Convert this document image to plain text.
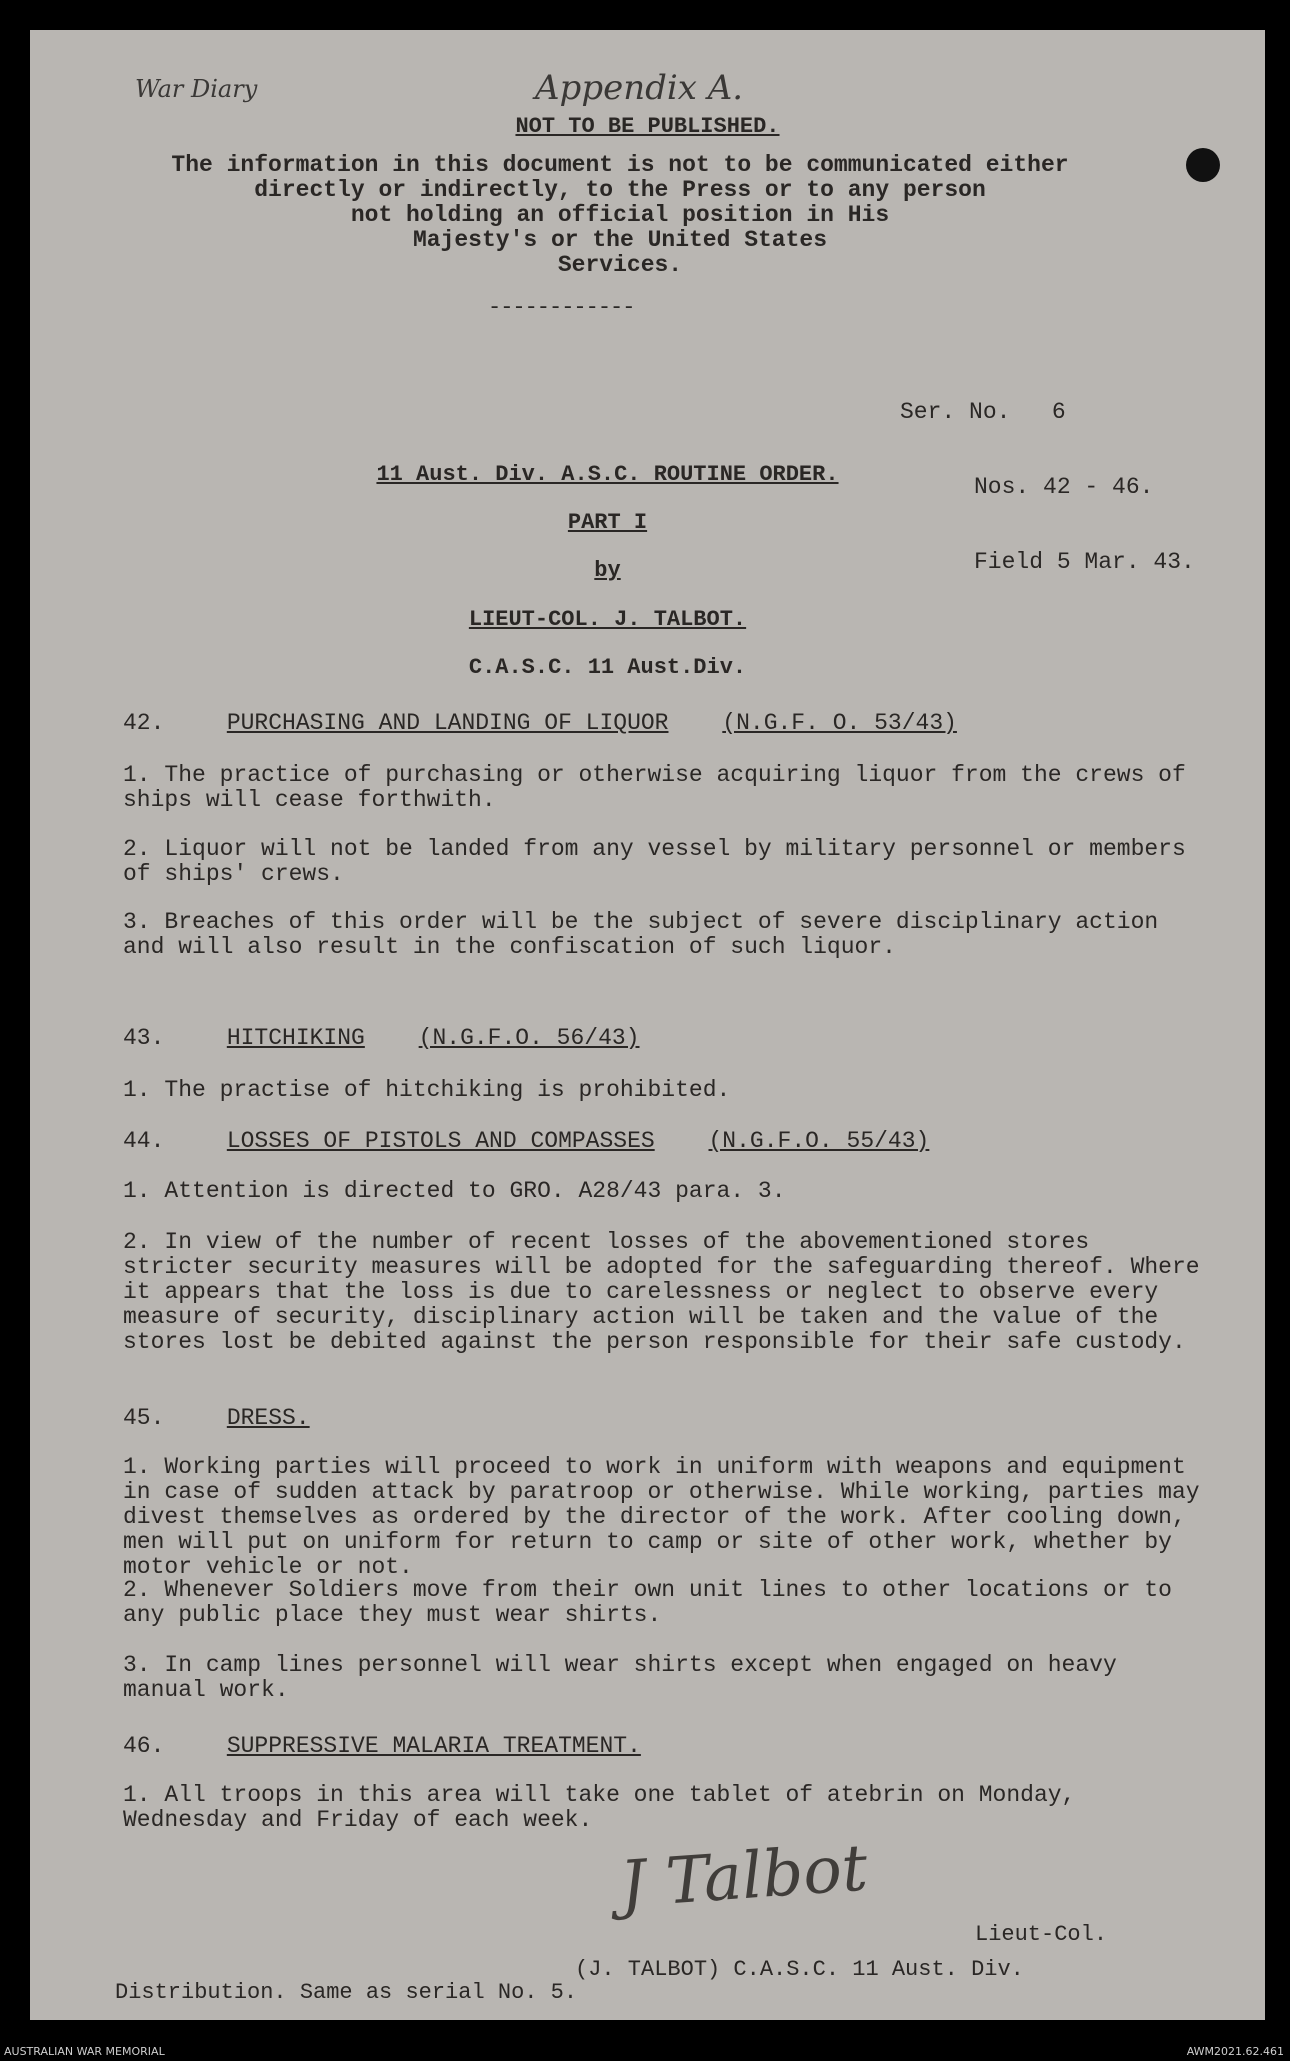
War Diary	Appendix A.
NOT TO BE PUBLISHED.
The information in this document is not to be communicated either
directly or indirectly, to the Press or to any person
not holding an official position in His
Majesty's or the United States
Services.
------------

Ser. No.   6

Nos. 42 - 46.

Field 5 Mar. 43.

11 Aust. Div. A.S.C. ROUTINE ORDER.
PART I
by
LIEUT-COL. J. TALBOT.
C.A.S.C. 11 Aust.Div.
42.	PURCHASING AND LANDING OF LIQUOR (N.G.F. O. 53/43)
1. The practice of purchasing or otherwise acquiring liquor from the crews of ships will cease forthwith.
2. Liquor will not be landed from any vessel by military personnel or members of ships' crews.
3. Breaches of this order will be the subject of severe disciplinary action and will also result in the confiscation of such liquor.
43.	HITCHIKING (N.G.F.O. 56/43)
1. The practise of hitchiking is prohibited.
44.	LOSSES OF PISTOLS AND COMPASSES (N.G.F.O. 55/43)
1. Attention is directed to GRO. A28/43 para. 3.
2. In view of the number of recent losses of the abovementioned stores stricter security measures will be adopted for the safeguarding thereof. Where it appears that the loss is due to carelessness or neglect to observe every measure of security, disciplinary action will be taken and the value of the stores lost be debited against the person responsible for their safe custody.
45.	DRESS.
1. Working parties will proceed to work in uniform with weapons and equipment in case of sudden attack by paratroop or otherwise. While working, parties may divest themselves as ordered by the director of the work. After cooling down, men will put on uniform for return to camp or site of other work, whether by motor vehicle or not.
2. Whenever Soldiers move from their own unit lines to other locations or to any public place they must wear shirts.
3. In camp lines personnel will wear shirts except when engaged on heavy manual work.
46.	SUPPRESSIVE MALARIA TREATMENT.
1. All troops in this area will take one tablet of atebrin on Monday, Wednesday and Friday of each week.
J Talbot
Lieut-Col.
(J. TALBOT) C.A.S.C. 11 Aust. Div.
Distribution. Same as serial No. 5.
AUSTRALIAN WAR MEMORIAL	AWM2021.62.461
